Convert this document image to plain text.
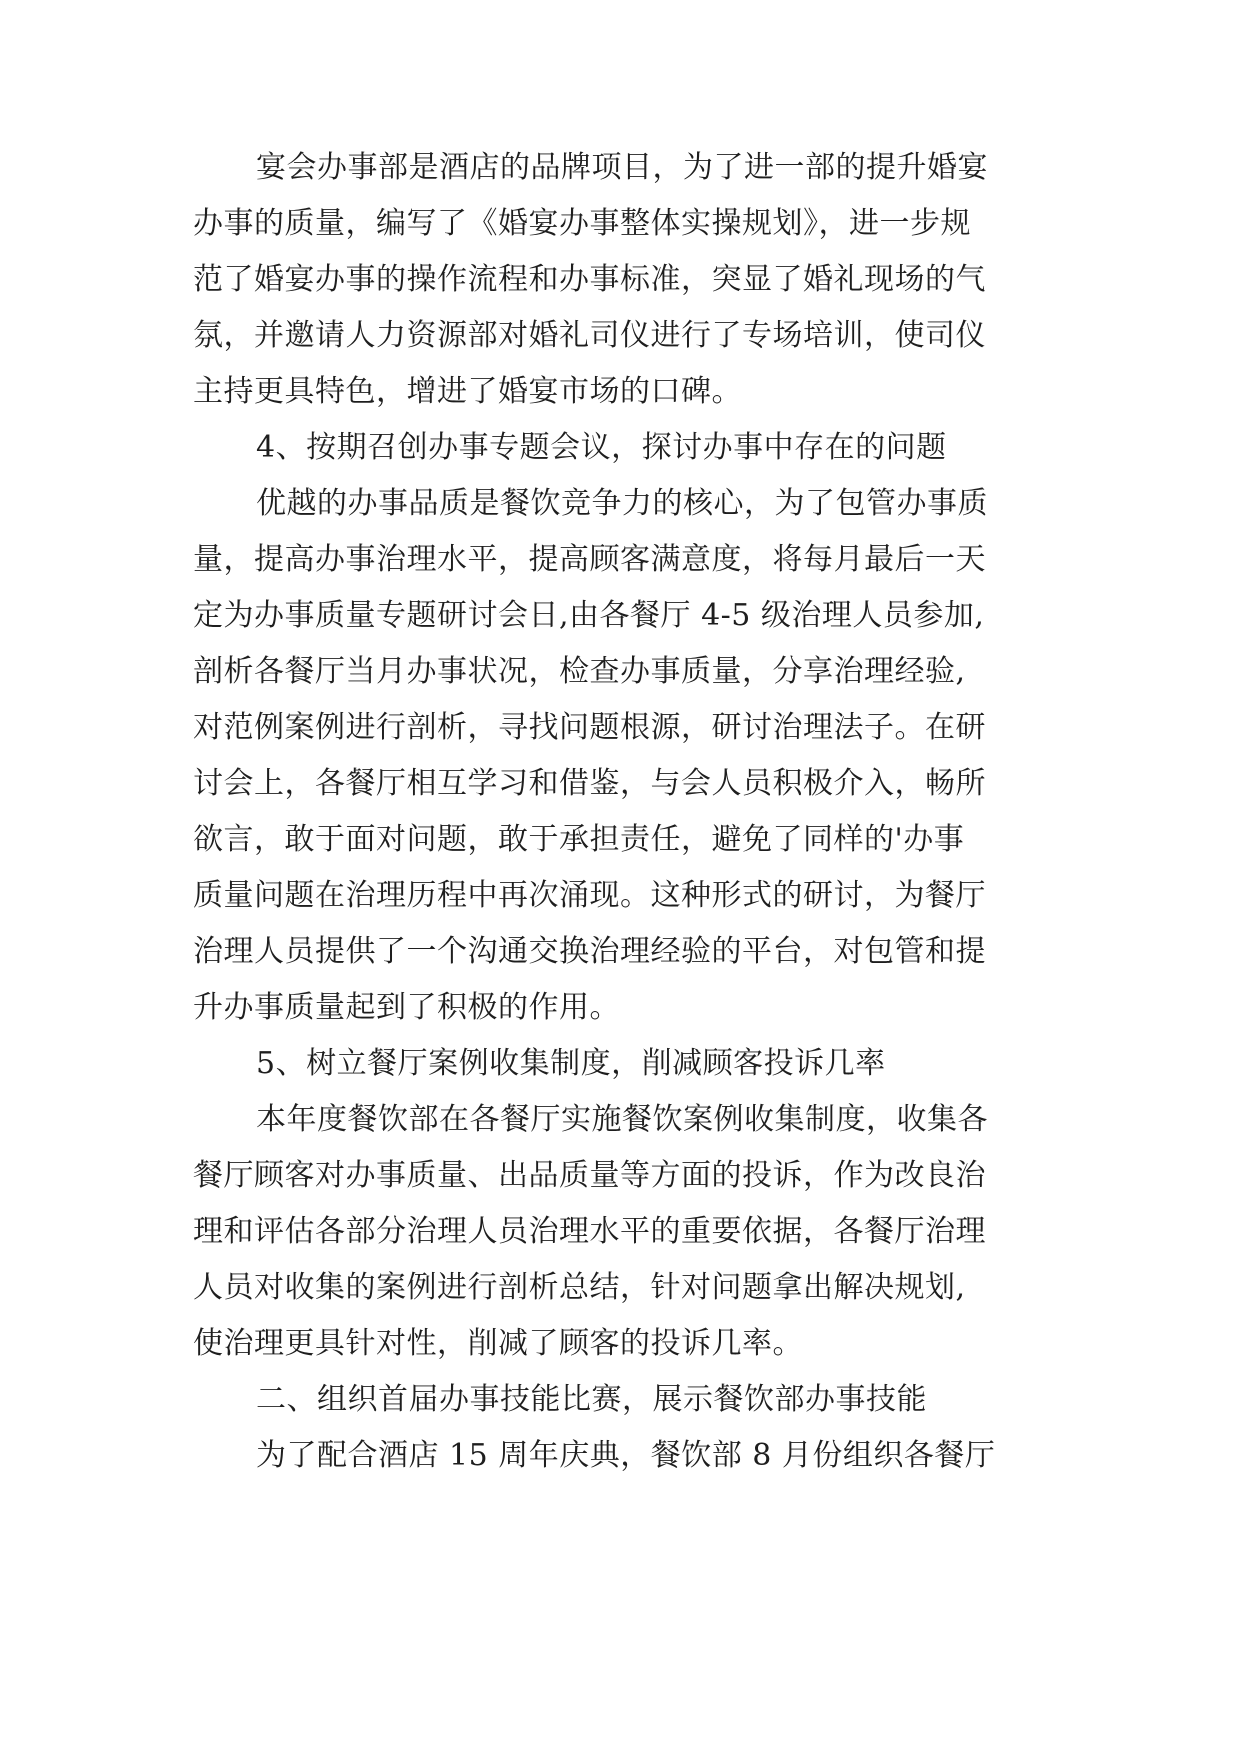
宴会办事部是酒店的品牌项目，为了进一部的提升婚宴
办事的质量，编写了《婚宴办事整体实操规划》，进一步规
范了婚宴办事的操作流程和办事标准，突显了婚礼现场的气
氛，并邀请人力资源部对婚礼司仪进行了专场培训，使司仪
主持更具特色，增进了婚宴市场的口碑。
4、按期召创办事专题会议，探讨办事中存在的问题
优越的办事品质是餐饮竞争力的核心，为了包管办事质
量，提高办事治理水平，提高顾客满意度，将每月最后一天
定为办事质量专题研讨会日,由各餐厅 4-5 级治理人员参加,
剖析各餐厅当月办事状况，检查办事质量，分享治理经验,
对范例案例进行剖析，寻找问题根源，研讨治理法子。在研
讨会上，各餐厅相互学习和借鉴，与会人员积极介入，畅所
欲言，敢于面对问题，敢于承担责任，避免了同样的'办事
质量问题在治理历程中再次涌现。这种形式的研讨，为餐厅
治理人员提供了一个沟通交换治理经验的平台，对包管和提
升办事质量起到了积极的作用。
5、树立餐厅案例收集制度，削减顾客投诉几率
本年度餐饮部在各餐厅实施餐饮案例收集制度，收集各
餐厅顾客对办事质量、出品质量等方面的投诉，作为改良治
理和评估各部分治理人员治理水平的重要依据，各餐厅治理
人员对收集的案例进行剖析总结，针对问题拿出解决规划,
使治理更具针对性，削减了顾客的投诉几率。
二、组织首届办事技能比赛，展示餐饮部办事技能
为了配合酒店 15 周年庆典，餐饮部 8 月份组织各餐厅
